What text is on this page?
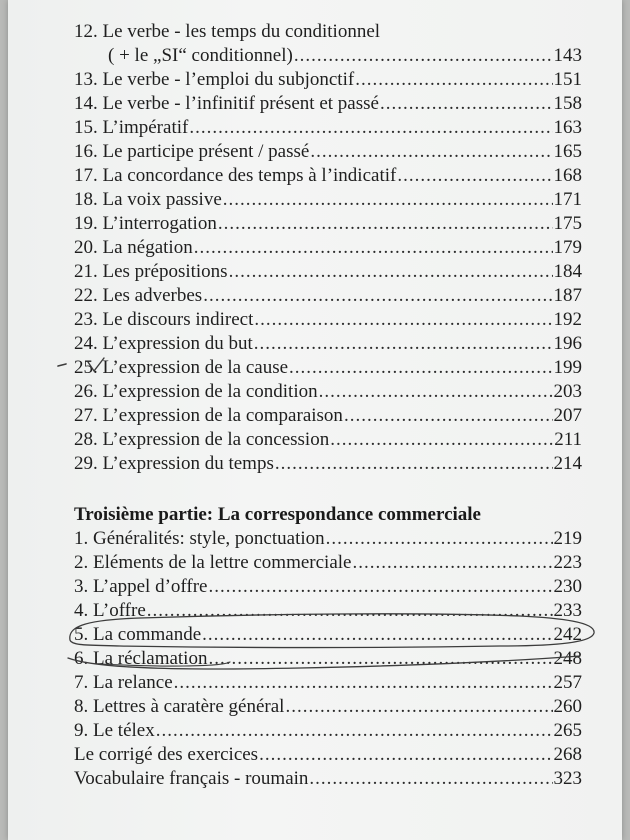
12. Le verbe - les temps du conditionnel
( + le „SI“ conditionnel) .....	143
13. Le verbe - l’emploi du subjonctif .....	151
14. Le verbe - l’infinitif présent et passé .....	158
15. L’impératif .....	163
16. Le participe présent / passé .....	165
17. La concordance des temps à l’indicatif .....	168
18. La voix passive .....	171
19. L’interrogation .....	175
20. La négation .....	179
21. Les prépositions .....	184
22. Les adverbes .....	187
23. Le discours indirect .....	192
24. L’expression du but .....	196
25. L’expression de la cause .....	199
26. L’expression de la condition .....	203
27. L’expression de la comparaison .....	207
28. L’expression de la concession .....	211
29. L’expression du temps .....	214
Troisième partie: La correspondance commerciale
1. Généralités: style, ponctuation .....	219
2. Eléments de la lettre commerciale .....	223
3. L’appel d’offre .....	230
4. L’offre .....	233
5. La commande .....	242
6. La réclamation .....	248
7. La relance .....	257
8. Lettres à caratère général .....	260
9. Le télex .....	265
Le corrigé des exercices .....	268
Vocabulaire français - roumain .....	323
